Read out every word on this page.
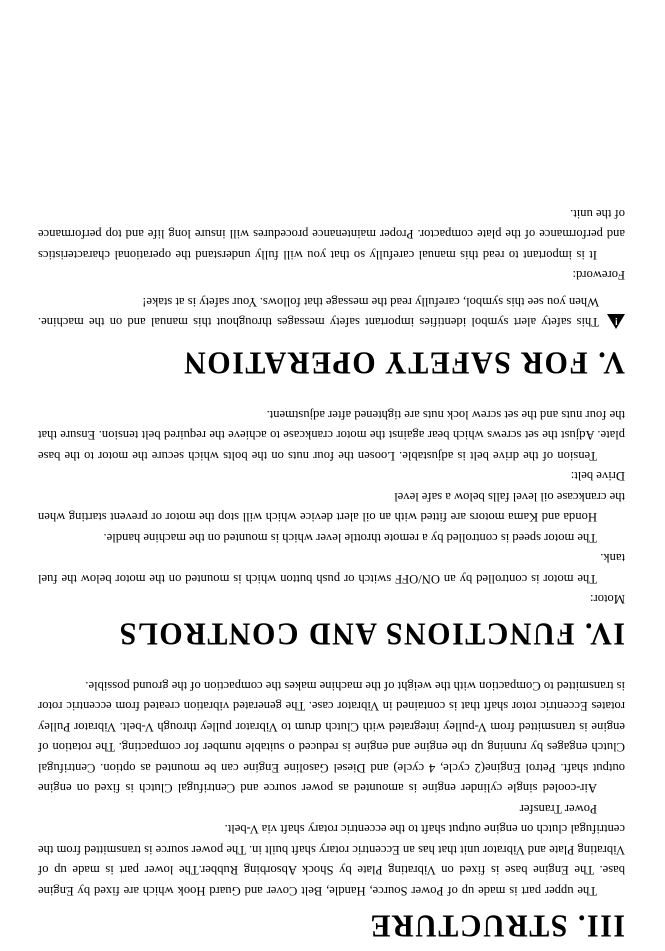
III. STRUCTURE

The upper part is made up of Power Source, Handle, Belt Cover and Guard Hook which are fixed by Engine base. The Engine base is fixed on Vibrating Plate by Shock Absorbing Rubber.The lower part is made up of Vibrating Plate and Vibrator unit that has an Eccentric rotary shaft built in. The power source is transmitted from the centrifugal clutch on engine output shaft to the eccentric rotary shaft via V-belt.

Power Transfer

Air-cooled single cylinder engine is amounted as power source and Centrifugal Clutch is fixed on engine output shaft. Petrol Engine(2 cycle, 4 cycle) and Diesel Gasoline Engine can be mounted as option. Centrifugal Clutch engages by running up the engine and engine is reduced o suitable number for compacting. The rotation of engine is transmitted from V-pulley integrated with Clutch drum to Vibrator pulley through V-belt. Vibrator Pulley rotates Eccentric rotor shaft that is contained in Vibrator case. The generated vibration created from eccentric rotor is transmitted to Compaction with the weight of the machine makes the compaction of the ground possible.

IV. FUNCTIONS AND CONTROLS

Motor:

The motor is controlled by an ON/OFF switch or push button which is mounted on the motor below the fuel tank.

The motor speed is controlled by a remote throttle lever which is mounted on the machine handle.

Honda and Kama motors are fitted with an oil alert device which will stop the motor or prevent starting when the crankcase oil level falls below a safe level

Drive belt:

Tension of the drive belt is adjustable. Loosen the four nuts on the bolts which secure the motor to the base plate. Adjust the set screws which bear against the motor crankcase to achieve the required belt tension. Ensure that the four nuts and the set screw lock nuts are tightened after adjustment.

V. FOR SAFETY OPERATION
!

This safety alert symbol identifies important safety messages throughout this manual and on the machine. When you see this symbol, carefully read the message that follows. Your safety is at stake!

Foreword:

It is important to read this manual carefully so that you will fully understand the operational characteristics and performance of the plate compactor. Proper maintenance procedures will insure long life and top performance of the unit.
